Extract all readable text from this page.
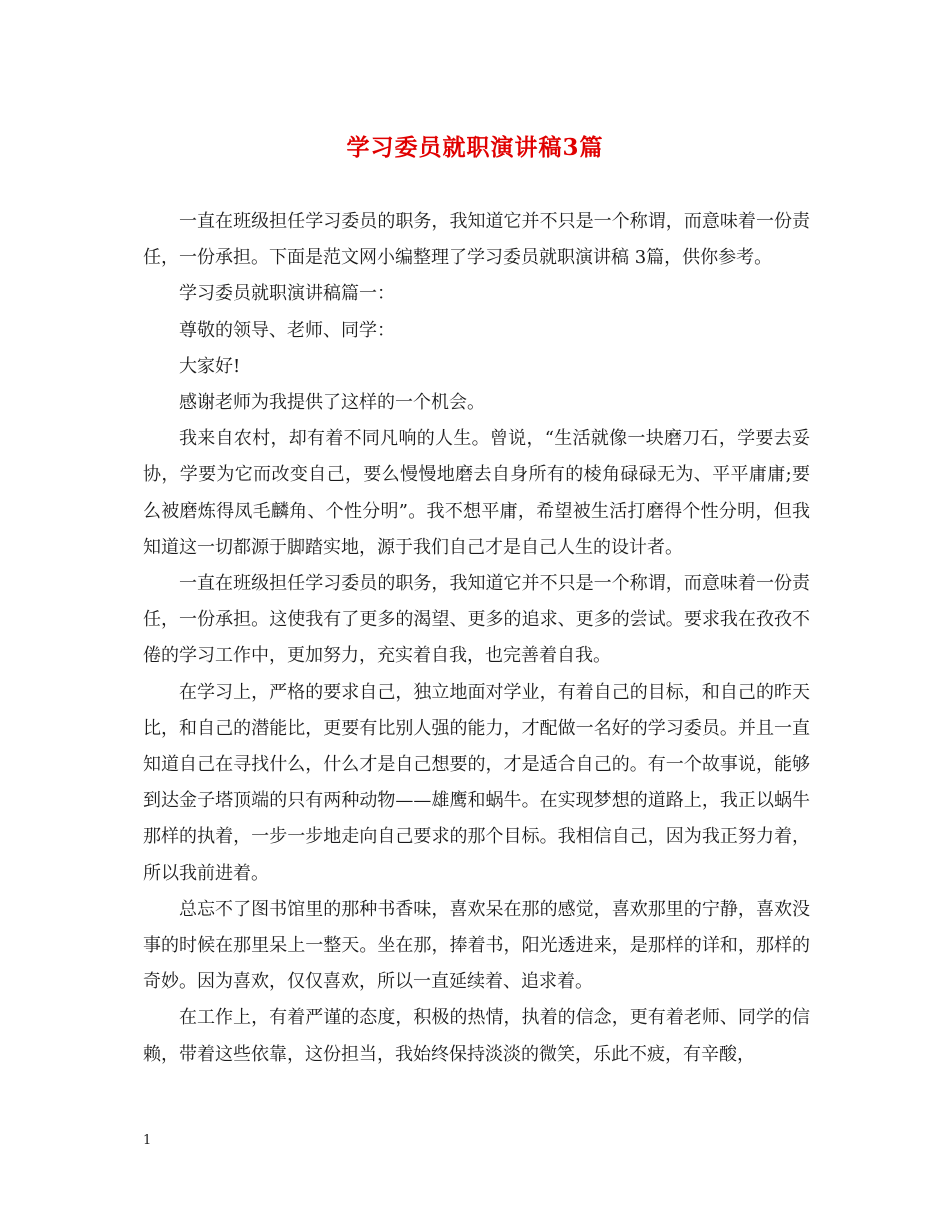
学习委员就职演讲稿3篇

一直在班级担任学习委员的职务，我知道它并不只是一个称谓，而意味着一份责任，一份承担。下面是范文网小编整理了学习委员就职演讲稿 3篇，供你参考。

学习委员就职演讲稿篇一：

尊敬的领导、老师、同学：

大家好!

感谢老师为我提供了这样的一个机会。

我来自农村，却有着不同凡响的人生。曾说，“生活就像一块磨刀石，学要去妥协，学要为它而改变自己，要么慢慢地磨去自身所有的棱角碌碌无为、平平庸庸;要么被磨炼得凤毛麟角、个性分明”。我不想平庸，希望被生活打磨得个性分明，但我知道这一切都源于脚踏实地，源于我们自己才是自己人生的设计者。

一直在班级担任学习委员的职务，我知道它并不只是一个称谓，而意味着一份责任，一份承担。这使我有了更多的渴望、更多的追求、更多的尝试。要求我在孜孜不倦的学习工作中，更加努力，充实着自我，也完善着自我。

在学习上，严格的要求自己，独立地面对学业，有着自己的目标，和自己的昨天比，和自己的潜能比，更要有比别人强的能力，才配做一名好的学习委员。并且一直知道自己在寻找什么，什么才是自己想要的，才是适合自己的。有一个故事说，能够到达金子塔顶端的只有两种动物——雄鹰和蜗牛。在实现梦想的道路上，我正以蜗牛那样的执着，一步一步地走向自己要求的那个目标。我相信自己，因为我正努力着，所以我前进着。

总忘不了图书馆里的那种书香味，喜欢呆在那的感觉，喜欢那里的宁静，喜欢没事的时候在那里呆上一整天。坐在那，捧着书，阳光透进来，是那样的详和，那样的奇妙。因为喜欢，仅仅喜欢，所以一直延续着、追求着。

在工作上，有着严谨的态度，积极的热情，执着的信念，更有着老师、同学的信赖，带着这些依靠，这份担当，我始终保持淡淡的微笑，乐此不疲，有辛酸，

1
